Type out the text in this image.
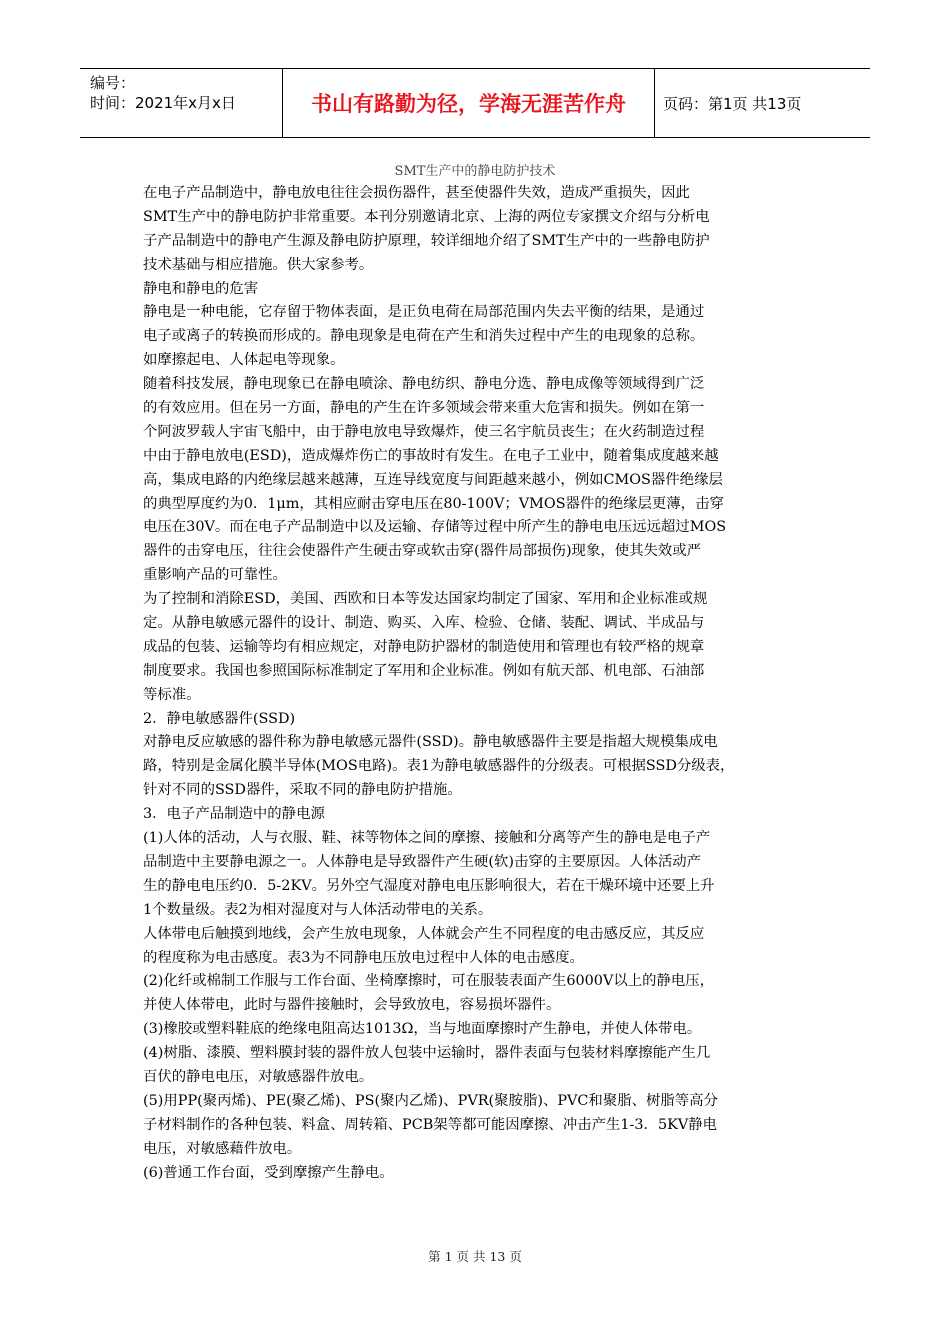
编号：
时间：2021年x月x日	书山有路勤为径，学海无涯苦作舟	页码：第1页 共13页
SMT生产中的静电防护技术
在电子产品制造中，静电放电往往会损伤器件，甚至使器件失效，造成严重损失，因此
SMT生产中的静电防护非常重要。本刊分别邀请北京、上海的两位专家撰文介绍与分析电
子产品制造中的静电产生源及静电防护原理，较详细地介绍了SMT生产中的一些静电防护
技术基础与相应措施。供大家参考。
静电和静电的危害
静电是一种电能，它存留于物体表面，是正负电荷在局部范围内失去平衡的结果，是通过
电子或离子的转换而形成的。静电现象是电荷在产生和消失过程中产生的电现象的总称。
如摩擦起电、人体起电等现象。
随着科技发展，静电现象已在静电喷涂、静电纺织、静电分选、静电成像等领域得到广泛
的有效应用。但在另一方面，静电的产生在许多领域会带来重大危害和损失。例如在第一
个阿波罗载人宇宙飞船中，由于静电放电导致爆炸，使三名宇航员丧生；在火药制造过程
中由于静电放电(ESD)，造成爆炸伤亡的事故时有发生。在电子工业中，随着集成度越来越
高，集成电路的内绝缘层越来越薄，互连导线宽度与间距越来越小，例如CMOS器件绝缘层
的典型厚度约为0．1μm，其相应耐击穿电压在80-100V；VMOS器件的绝缘层更薄，击穿
电压在30V。而在电子产品制造中以及运输、存储等过程中所产生的静电电压远远超过MOS
器件的击穿电压，往往会使器件产生硬击穿或软击穿(器件局部损伤)现象，使其失效或严
重影响产品的可靠性。
为了控制和消除ESD，美国、西欧和日本等发达国家均制定了国家、军用和企业标准或规
定。从静电敏感元器件的设计、制造、购买、入库、检验、仓储、装配、调试、半成品与
成品的包装、运输等均有相应规定，对静电防护器材的制造使用和管理也有较严格的规章
制度要求。我国也参照国际标准制定了军用和企业标准。例如有航天部、机电部、石油部
等标准。
2．静电敏感器件(SSD)
对静电反应敏感的器件称为静电敏感元器件(SSD)。静电敏感器件主要是指超大规模集成电
路，特别是金属化膜半导体(MOS电路)。表1为静电敏感器件的分级表。可根据SSD分级表，
针对不同的SSD器件，采取不同的静电防护措施。
3．电子产品制造中的静电源
(1)人体的活动，人与衣服、鞋、袜等物体之间的摩擦、接触和分离等产生的静电是电子产
品制造中主要静电源之一。人体静电是导致器件产生硬(软)击穿的主要原因。人体活动产
生的静电电压约0．5-2KV。另外空气湿度对静电电压影响很大，若在干燥环境中还要上升
1个数量级。表2为相对湿度对与人体活动带电的关系。
人体带电后触摸到地线，会产生放电现象，人体就会产生不同程度的电击感反应，其反应
的程度称为电击感度。表3为不同静电压放电过程中人体的电击感度。
(2)化纤或棉制工作服与工作台面、坐椅摩擦时，可在服装表面产生6000V以上的静电压，
并使人体带电，此时与器件接触时，会导致放电，容易损坏器件。
(3)橡胶或塑料鞋底的绝缘电阻高达1013Ω，当与地面摩擦时产生静电，并使人体带电。
(4)树脂、漆膜、塑料膜封装的器件放人包装中运输时，器件表面与包装材料摩擦能产生几
百伏的静电电压，对敏感器件放电。
(5)用PP(聚丙烯)、PE(聚乙烯)、PS(聚内乙烯)、PVR(聚胺脂)、PVC和聚脂、树脂等高分
子材料制作的各种包装、料盒、周转箱、PCB架等都可能因摩擦、冲击产生1-3．5KV静电
电压，对敏感藉件放电。
(6)普通工作台面，受到摩擦产生静电。
第 1 页 共 13 页
